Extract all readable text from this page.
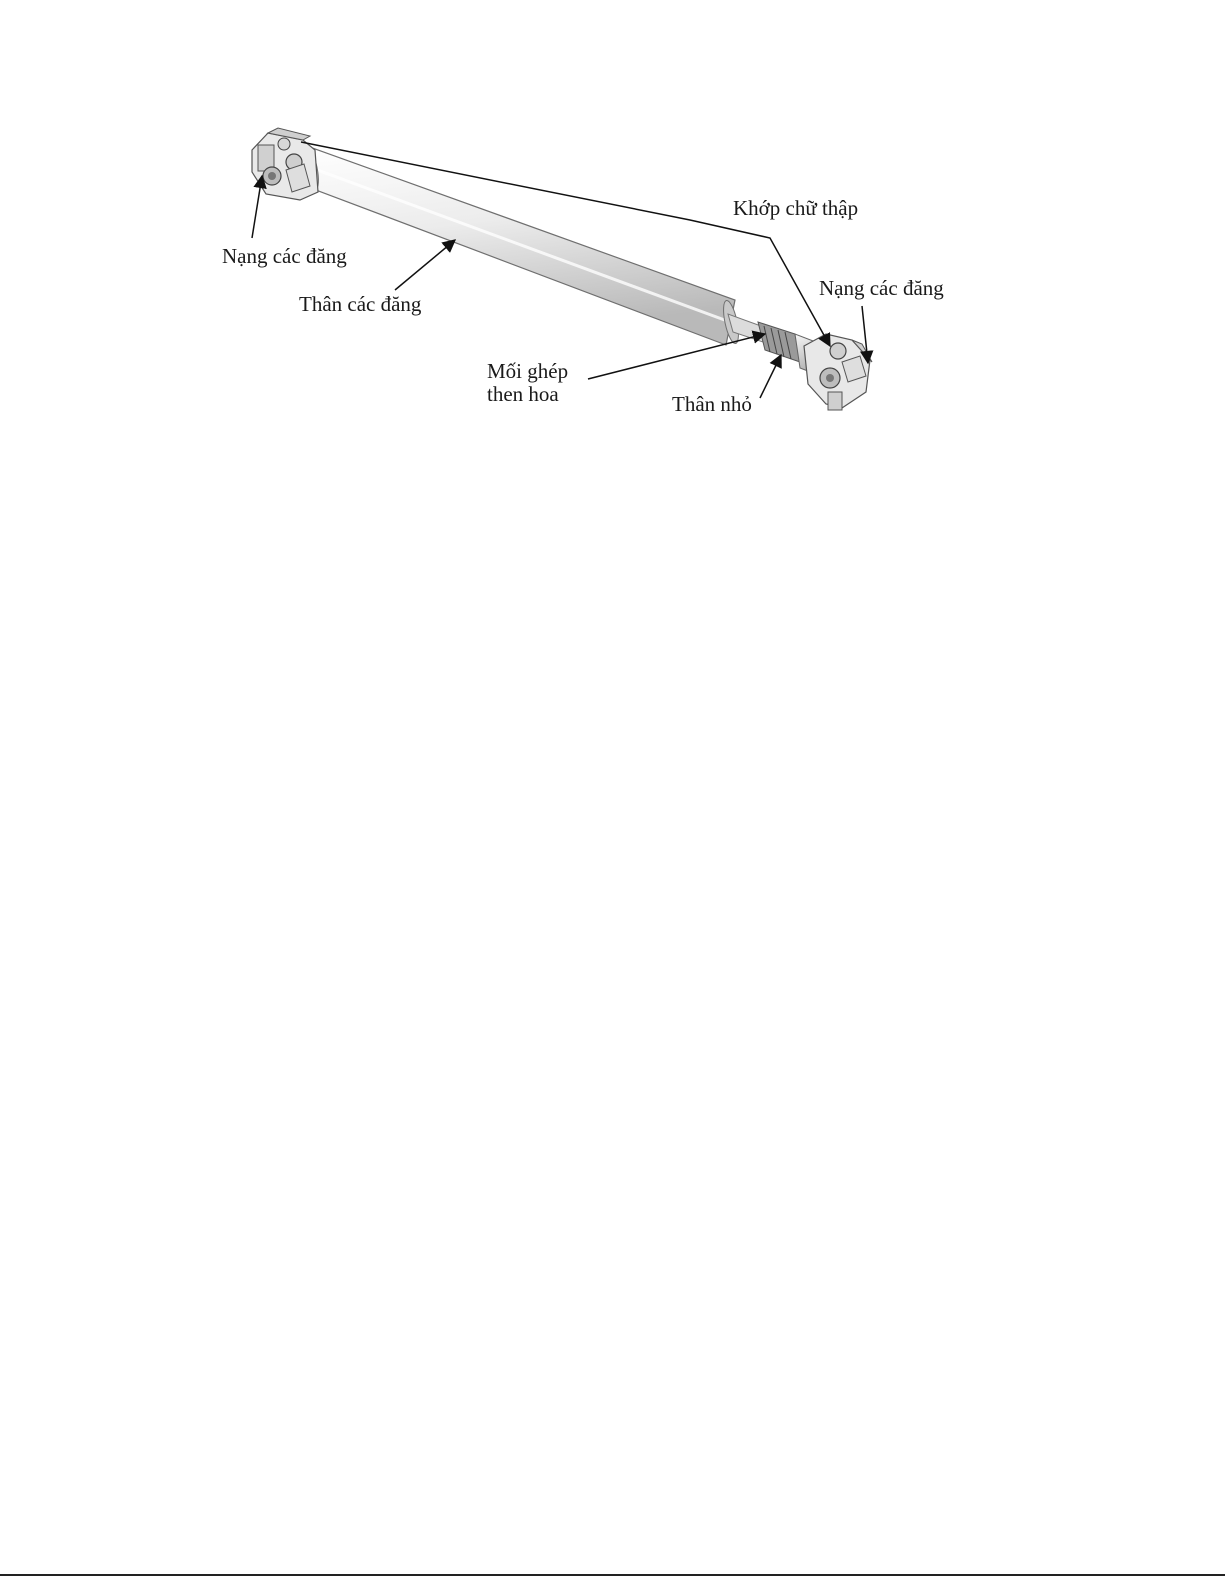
Nạng các đăng
Thân các đăng
Khớp chữ thập
Nạng các đăng
Mối ghép
then hoa	Thân nhỏ
